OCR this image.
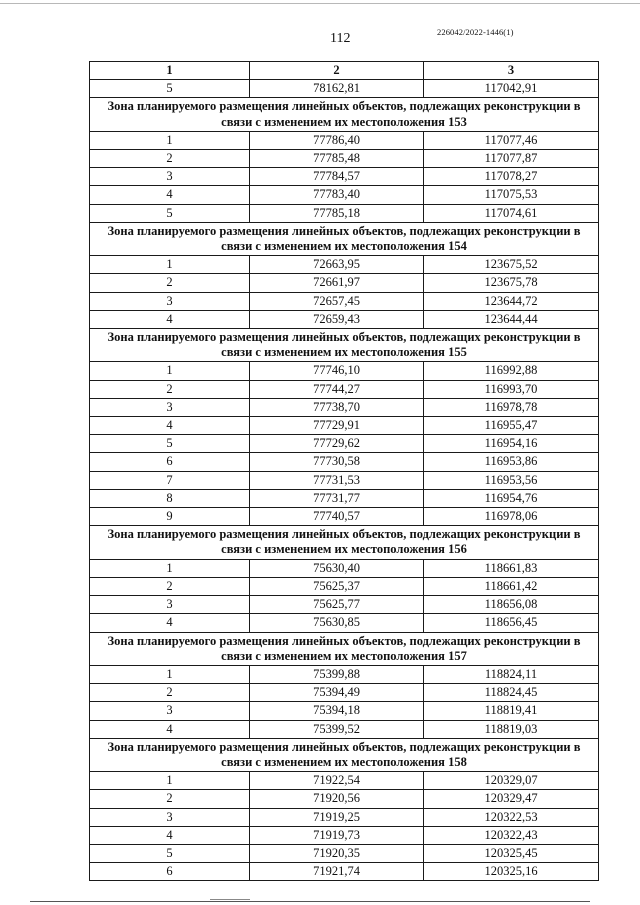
226042/2022-1446(1)
112
1	2	3
5	78162,81	117042,91
Зона планируемого размещения линейных объектов, подлежащих реконструкции в связи с изменением их местоположения 153		
1	77786,40	117077,46
2	77785,48	117077,87
3	77784,57	117078,27
4	77783,40	117075,53
5	77785,18	117074,61
Зона планируемого размещения линейных объектов, подлежащих реконструкции в связи с изменением их местоположения 154		
1	72663,95	123675,52
2	72661,97	123675,78
3	72657,45	123644,72
4	72659,43	123644,44
Зона планируемого размещения линейных объектов, подлежащих реконструкции в связи с изменением их местоположения 155		
1	77746,10	116992,88
2	77744,27	116993,70
3	77738,70	116978,78
4	77729,91	116955,47
5	77729,62	116954,16
6	77730,58	116953,86
7	77731,53	116953,56
8	77731,77	116954,76
9	77740,57	116978,06
Зона планируемого размещения линейных объектов, подлежащих реконструкции в связи с изменением их местоположения 156		
1	75630,40	118661,83
2	75625,37	118661,42
3	75625,77	118656,08
4	75630,85	118656,45
Зона планируемого размещения линейных объектов, подлежащих реконструкции в связи с изменением их местоположения 157		
1	75399,88	118824,11
2	75394,49	118824,45
3	75394,18	118819,41
4	75399,52	118819,03
Зона планируемого размещения линейных объектов, подлежащих реконструкции в связи с изменением их местоположения 158		
1	71922,54	120329,07
2	71920,56	120329,47
3	71919,25	120322,53
4	71919,73	120322,43
5	71920,35	120325,45
6	71921,74	120325,16
